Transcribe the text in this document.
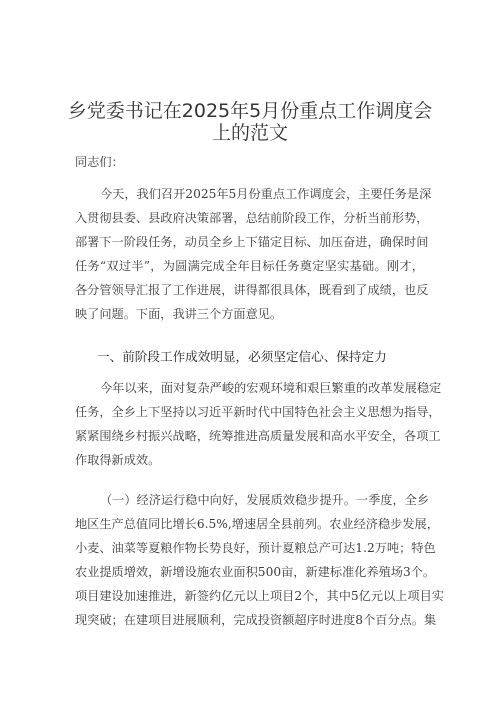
乡党委书记在2025年5月份重点工作调度会
上的范文
同志们：
今天，我们召开2025年5月份重点工作调度会，主要任务是深
入贯彻县委、县政府决策部署，总结前阶段工作，分析当前形势，
部署下一阶段任务，动员全乡上下锚定目标、加压奋进，确保时间
任务“双过半”，为圆满完成全年目标任务奠定坚实基础。刚才，
各分管领导汇报了工作进展，讲得都很具体，既看到了成绩，也反
映了问题。下面，我讲三个方面意见。
一、前阶段工作成效明显，必须坚定信心、保持定力
今年以来，面对复杂严峻的宏观环境和艰巨繁重的改革发展稳定
任务，全乡上下坚持以习近平新时代中国特色社会主义思想为指导，
紧紧围绕乡村振兴战略，统筹推进高质量发展和高水平安全，各项工
作取得新成效。
（一）经济运行稳中向好，发展质效稳步提升。一季度，全乡
地区生产总值同比增长6.5%,增速居全县前列。农业经济稳步发展，
小麦、油菜等夏粮作物长势良好，预计夏粮总产可达1.2万吨；特色
农业提质增效，新增设施农业面积500亩，新建标准化养殖场3个。
项目建设加速推进，新签约亿元以上项目2个，其中5亿元以上项目实
现突破；在建项目进展顺利，完成投资额超序时进度8个百分点。集
